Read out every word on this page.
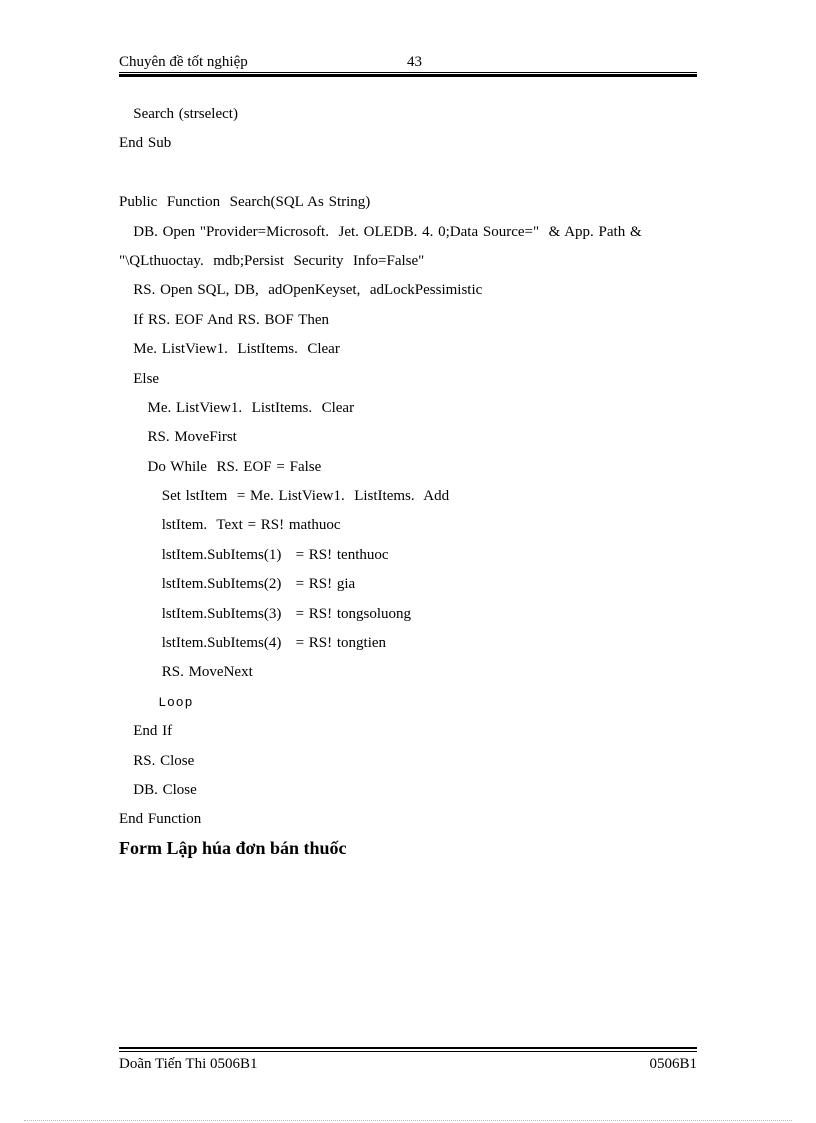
Chuyên đề tốt nghiệp	43
Search (strselect)
End Sub
Public  Function  Search(SQL As String)
DB. Open "Provider=Microsoft.  Jet. OLEDB. 4. 0;Data Source="  & App. Path &
"\QLthuoctay.  mdb;Persist  Security  Info=False"
RS. Open SQL, DB,  adOpenKeyset,  adLockPessimistic
If RS. EOF And RS. BOF Then
Me. ListView1.  ListItems.  Clear
Else
Me. ListView1.  ListItems.  Clear
RS. MoveFirst
Do While  RS. EOF = False
Set lstItem  = Me. ListView1.  ListItems.  Add
lstItem.  Text = RS! mathuoc
lstItem.SubItems(1)   = RS! tenthuoc
lstItem.SubItems(2)   = RS! gia
lstItem.SubItems(3)   = RS! tongsoluong
lstItem.SubItems(4)   = RS! tongtien
RS. MoveNext
Loop
End If
RS. Close
DB. Close
End Function
Form Lập húa đơn bán thuốc
Doãn Tiến Thi 0506B1	0506B1
